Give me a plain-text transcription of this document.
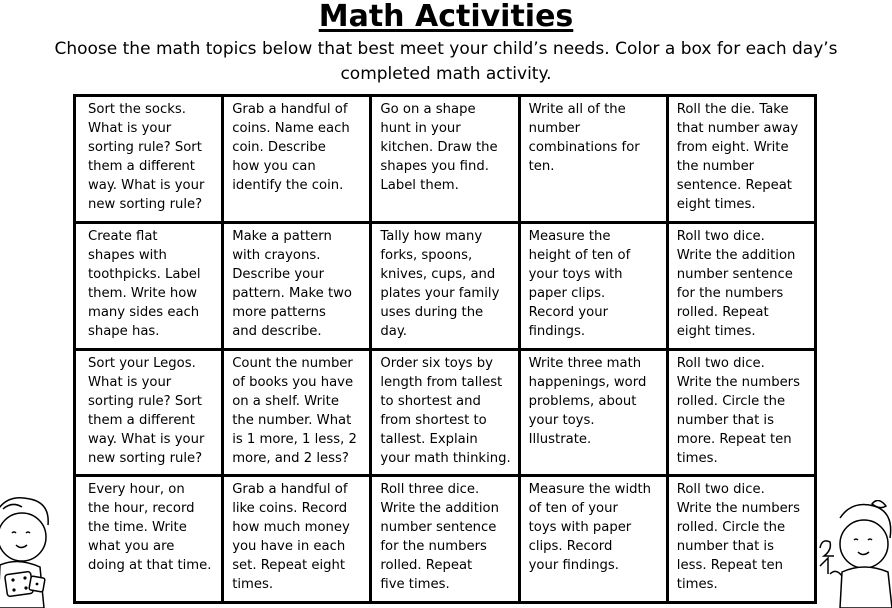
Math Activities
Choose the math topics below that best meet your child’s needs. Color a box for each day’s
completed math activity.
Sort the socks.
What is your
sorting rule? Sort
them a different
way. What is your
new sorting rule?
Grab a handful of
coins. Name each
coin. Describe
how you can
identify the coin.
Go on a shape
hunt in your
kitchen. Draw the
shapes you find.
Label them.
Write all of the
number
combinations for
ten.
Roll the die. Take
that number away
from eight. Write
the number
sentence. Repeat
eight times.
Create flat
shapes with
toothpicks. Label
them. Write how
many sides each
shape has.
Make a pattern
with crayons.
Describe your
pattern. Make two
more patterns
and describe.
Tally how many
forks, spoons,
knives, cups, and
plates your family
uses during the
day.
Measure the
height of ten of
your toys with
paper clips.
Record your
findings.
Roll two dice.
Write the addition
number sentence
for the numbers
rolled. Repeat
eight times.
Sort your Legos.
What is your
sorting rule? Sort
them a different
way. What is your
new sorting rule?
Count the number
of books you have
on a shelf. Write
the number. What
is 1 more, 1 less, 2
more, and 2 less?
Order six toys by
length from tallest
to shortest and
from shortest to
tallest. Explain
your math thinking.
Write three math
happenings, word
problems, about
your toys.
Illustrate.
Roll two dice.
Write the numbers
rolled. Circle the
number that is
more. Repeat ten
times.
Every hour, on
the hour, record
the time. Write
what you are
doing at that time.
Grab a handful of
like coins. Record
how much money
you have in each
set. Repeat eight
times.
Roll three dice.
Write the addition
number sentence
for the numbers
rolled. Repeat
five times.
Measure the width
of ten of your
toys with paper
clips. Record
your findings.
Roll two dice.
Write the numbers
rolled. Circle the
number that is
less. Repeat ten
times.
